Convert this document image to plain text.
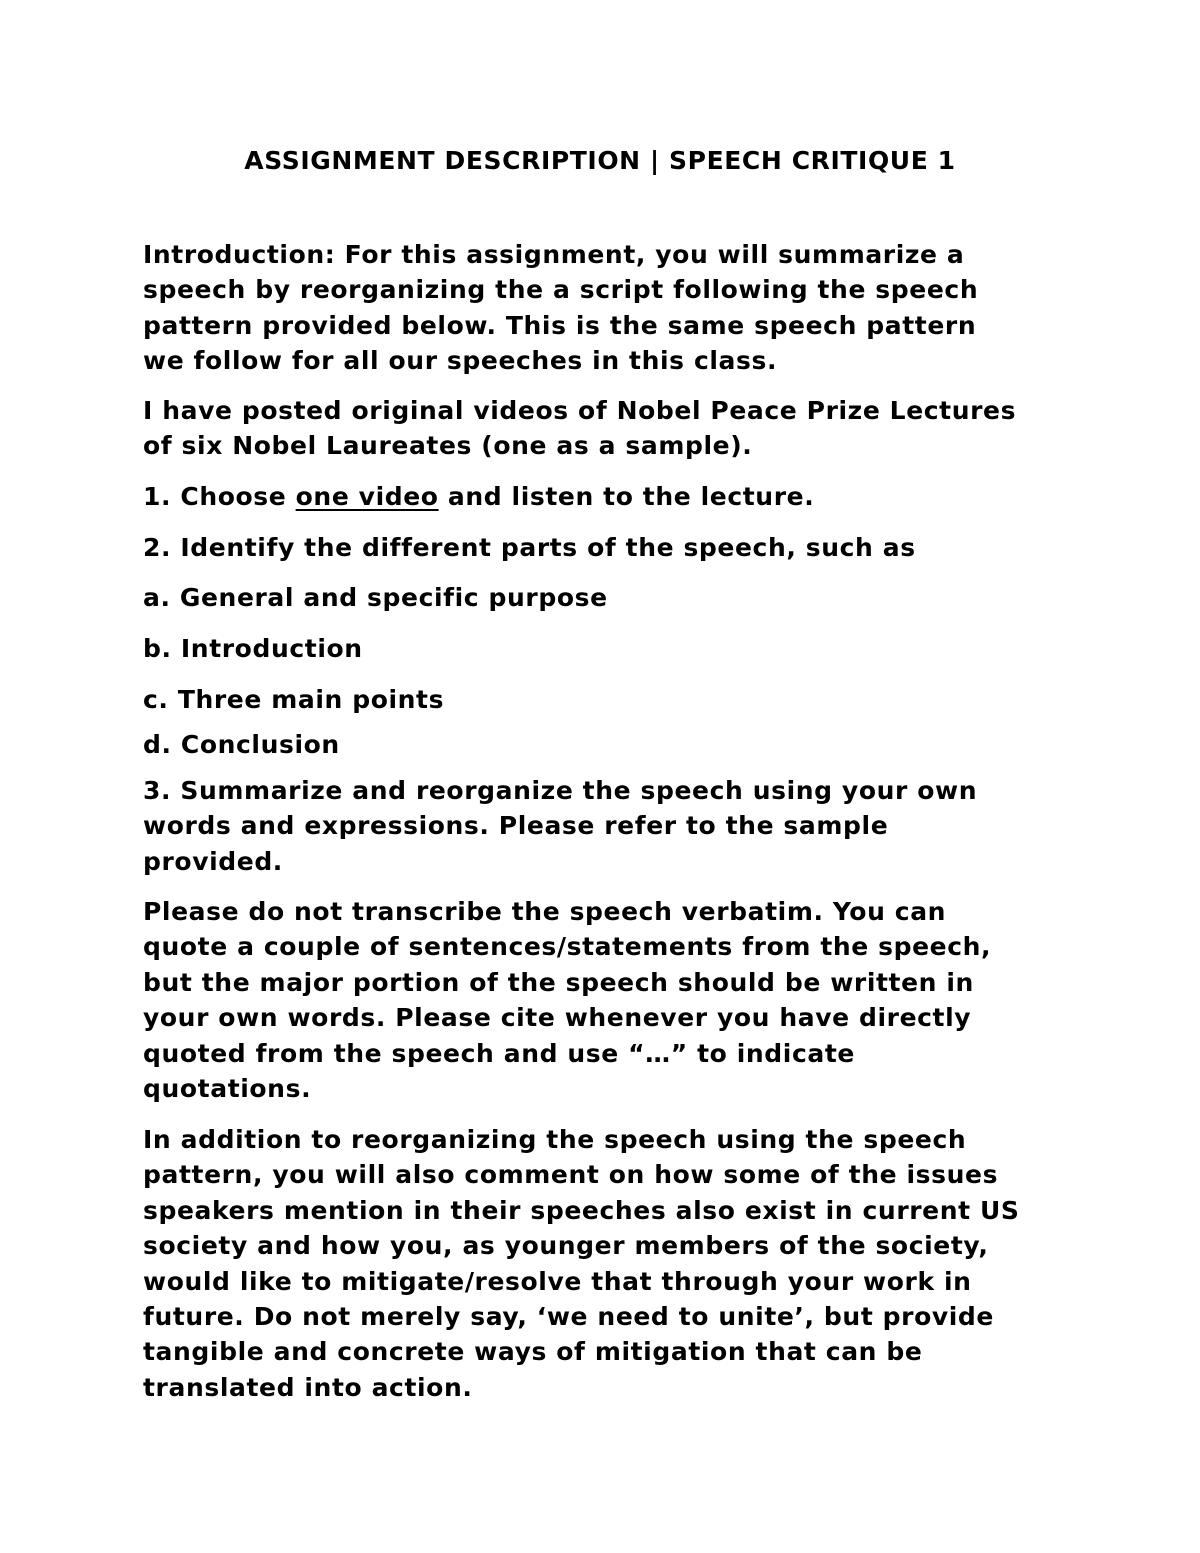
ASSIGNMENT DESCRIPTION | SPEECH CRITIQUE 1

Introduction: For this assignment, you will summarize a
speech by reorganizing the a script following the speech
pattern provided below. This is the same speech pattern
we follow for all our speeches in this class.

I have posted original videos of Nobel Peace Prize Lectures
of six Nobel Laureates (one as a sample).

1. Choose one video and listen to the lecture.

2. Identify the different parts of the speech, such as

a. General and specific purpose

b. Introduction

c. Three main points

d. Conclusion

3. Summarize and reorganize the speech using your own
words and expressions. Please refer to the sample
provided.

Please do not transcribe the speech verbatim. You can
quote a couple of sentences/statements from the speech,
but the major portion of the speech should be written in
your own words. Please cite whenever you have directly
quoted from the speech and use “…” to indicate
quotations.

In addition to reorganizing the speech using the speech
pattern, you will also comment on how some of the issues
speakers mention in their speeches also exist in current US
society and how you, as younger members of the society,
would like to mitigate/resolve that through your work in
future. Do not merely say, ‘we need to unite’, but provide
tangible and concrete ways of mitigation that can be
translated into action.
